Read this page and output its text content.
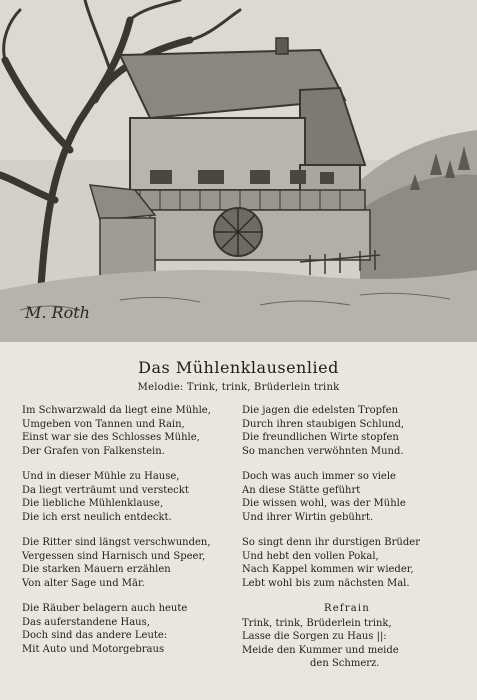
M. Roth
Das Mühlenklausenlied
Melodie: Trink, trink, Brüderlein trink
Im Schwarzwald da liegt eine Mühle,
Umgeben von Tannen und Rain,
Einst war sie des Schlosses Mühle,
Der Grafen von Falkenstein.
Und in dieser Mühle zu Hause,
Da liegt verträumt und versteckt
Die liebliche Mühlenklause,
Die ich erst neulich entdeckt.
Die Ritter sind längst verschwunden,
Vergessen sind Harnisch und Speer,
Die starken Mauern erzählen
Von alter Sage und Mär.
Die Räuber belagern auch heute
Das auferstandene Haus,
Doch sind das andere Leute:
Mit Auto und Motorgebraus
Die jagen die edelsten Tropfen
Durch ihren staubigen Schlund,
Die freundlichen Wirte stopfen
So manchen verwöhnten Mund.
Doch was auch immer so viele
An diese Stätte geführt
Die wissen wohl, was der Mühle
Und ihrer Wirtin gebührt.
So singt denn ihr durstigen Brüder
Und hebt den vollen Pokal,
Nach Kappel kommen wir wieder,
Lebt wohl bis zum nächsten Mal.
Refrain
Trink, trink, Brüderlein trink,
Lasse die Sorgen zu Haus ||:
Meide den Kummer und meide
den Schmerz.
